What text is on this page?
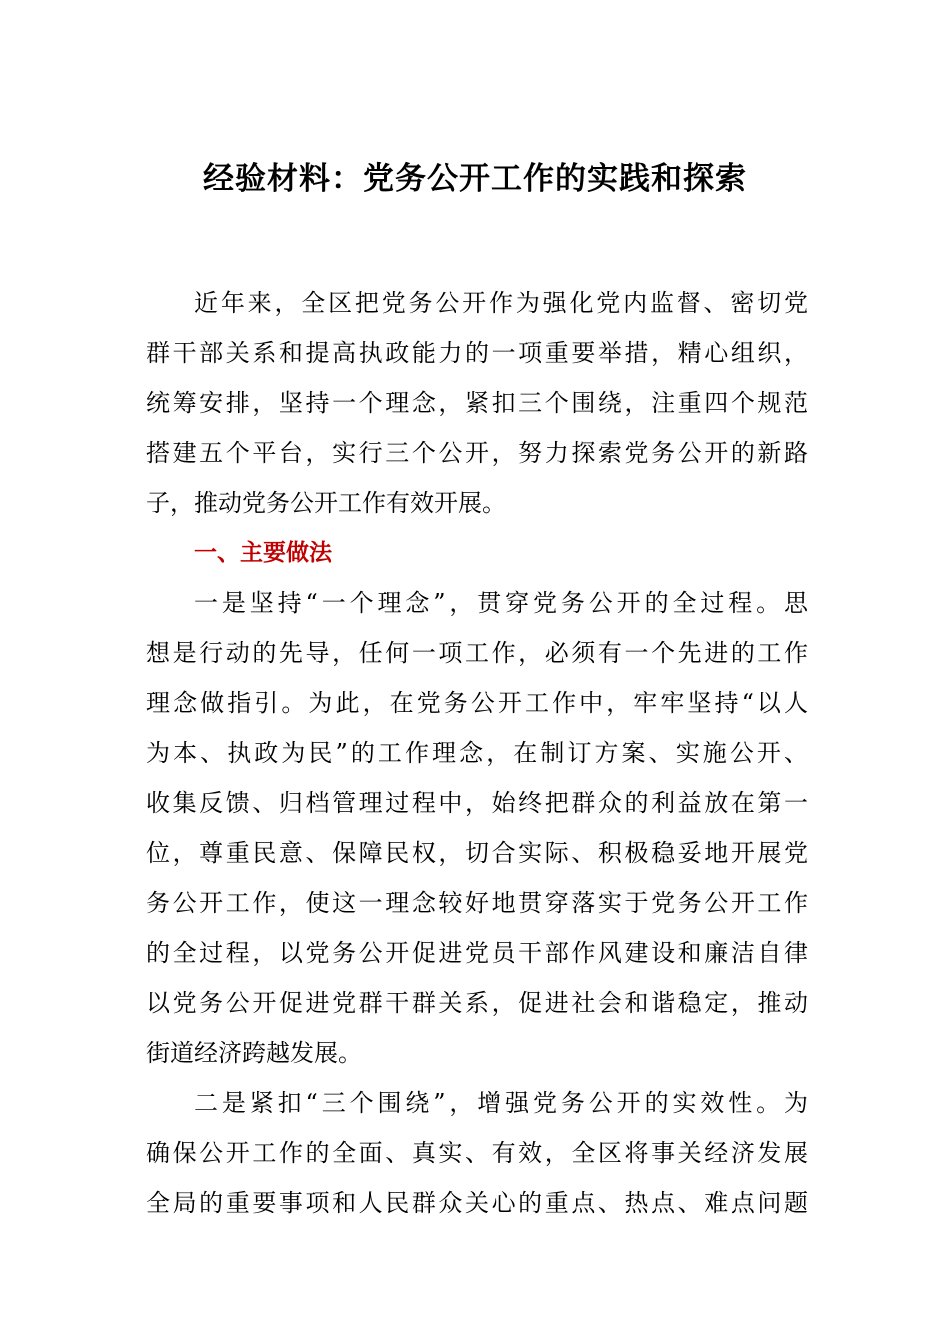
经验材料：党务公开工作的实践和探索
近年来，全区把党务公开作为强化党内监督、密切党
群干部关系和提高执政能力的一项重要举措，精心组织，
统筹安排，坚持一个理念，紧扣三个围绕，注重四个规范
搭建五个平台，实行三个公开，努力探索党务公开的新路
子，推动党务公开工作有效开展。
一、主要做法
一是坚持“一个理念”，贯穿党务公开的全过程。思
想是行动的先导，任何一项工作，必须有一个先进的工作
理念做指引。为此，在党务公开工作中，牢牢坚持“以人
为本、执政为民”的工作理念，在制订方案、实施公开、
收集反馈、归档管理过程中，始终把群众的利益放在第一
位，尊重民意、保障民权，切合实际、积极稳妥地开展党
务公开工作，使这一理念较好地贯穿落实于党务公开工作
的全过程，以党务公开促进党员干部作风建设和廉洁自律
以党务公开促进党群干群关系，促进社会和谐稳定，推动
街道经济跨越发展。
二是紧扣“三个围绕”，增强党务公开的实效性。为
确保公开工作的全面、真实、有效，全区将事关经济发展
全局的重要事项和人民群众关心的重点、热点、难点问题
